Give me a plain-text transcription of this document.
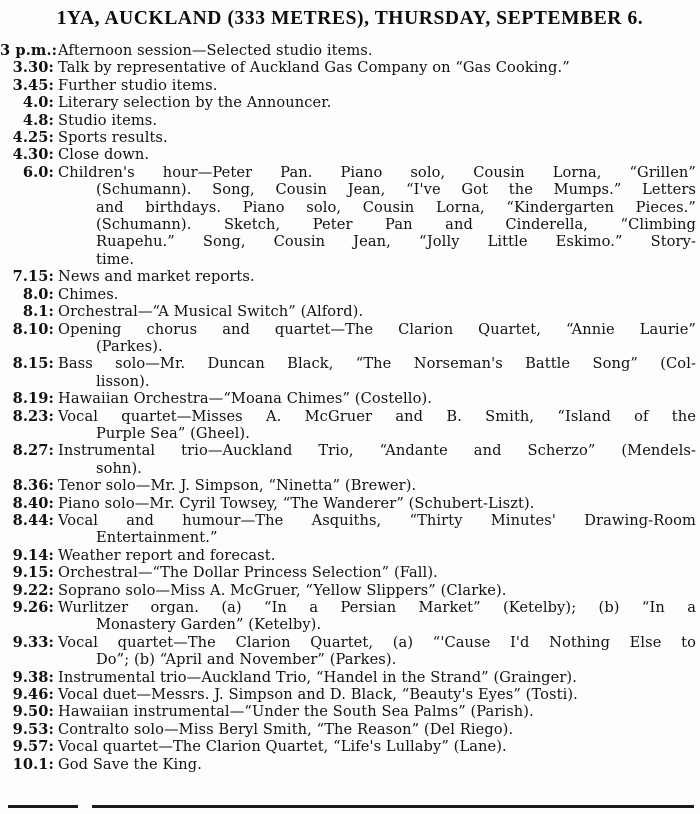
1YA, AUCKLAND (333 METRES), THURSDAY, SEPTEMBER 6.
3 p.m.: Afternoon session—Selected studio items.
3.30: Talk by representative of Auckland Gas Company on “Gas Cooking.”
3.45: Further studio items.
4.0: Literary selection by the Announcer.
4.8: Studio items.
4.25: Sports results.
4.30: Close down.
6.0: Children's hour—Peter Pan. Piano solo, Cousin Lorna, “Grillen”
(Schumann). Song, Cousin Jean, “I've Got the Mumps.” Letters
and birthdays. Piano solo, Cousin Lorna, “Kindergarten Pieces.”
(Schumann). Sketch, Peter Pan and Cinderella, “Climbing
Ruapehu.” Song, Cousin Jean, “Jolly Little Eskimo.” Story-
time.
7.15: News and market reports.
8.0: Chimes.
8.1: Orchestral—“A Musical Switch” (Alford).
8.10: Opening chorus and quartet—The Clarion Quartet, “Annie Laurie”
(Parkes).
8.15: Bass solo—Mr. Duncan Black, “The Norseman's Battle Song” (Col-
lisson).
8.19: Hawaiian Orchestra—“Moana Chimes” (Costello).
8.23: Vocal quartet—Misses A. McGruer and B. Smith, “Island of the
Purple Sea” (Gheel).
8.27: Instrumental trio—Auckland Trio, “Andante and Scherzo” (Mendels-
sohn).
8.36: Tenor solo—Mr. J. Simpson, “Ninetta” (Brewer).
8.40: Piano solo—Mr. Cyril Towsey, “The Wanderer” (Schubert-Liszt).
8.44: Vocal and humour—The Asquiths, “Thirty Minutes' Drawing-Room
Entertainment.”
9.14: Weather report and forecast.
9.15: Orchestral—“The Dollar Princess Selection” (Fall).
9.22: Soprano solo—Miss A. McGruer, “Yellow Slippers” (Clarke).
9.26: Wurlitzer organ. (a) “In a Persian Market” (Ketelby); (b) “In a
Monastery Garden” (Ketelby).
9.33: Vocal quartet—The Clarion Quartet, (a) “'Cause I'd Nothing Else to
Do”; (b) “April and November” (Parkes).
9.38: Instrumental trio—Auckland Trio, “Handel in the Strand” (Grainger).
9.46: Vocal duet—Messrs. J. Simpson and D. Black, “Beauty's Eyes” (Tosti).
9.50: Hawaiian instrumental—“Under the South Sea Palms” (Parish).
9.53: Contralto solo—Miss Beryl Smith, “The Reason” (Del Riego).
9.57: Vocal quartet—The Clarion Quartet, “Life's Lullaby” (Lane).
10.1: God Save the King.
